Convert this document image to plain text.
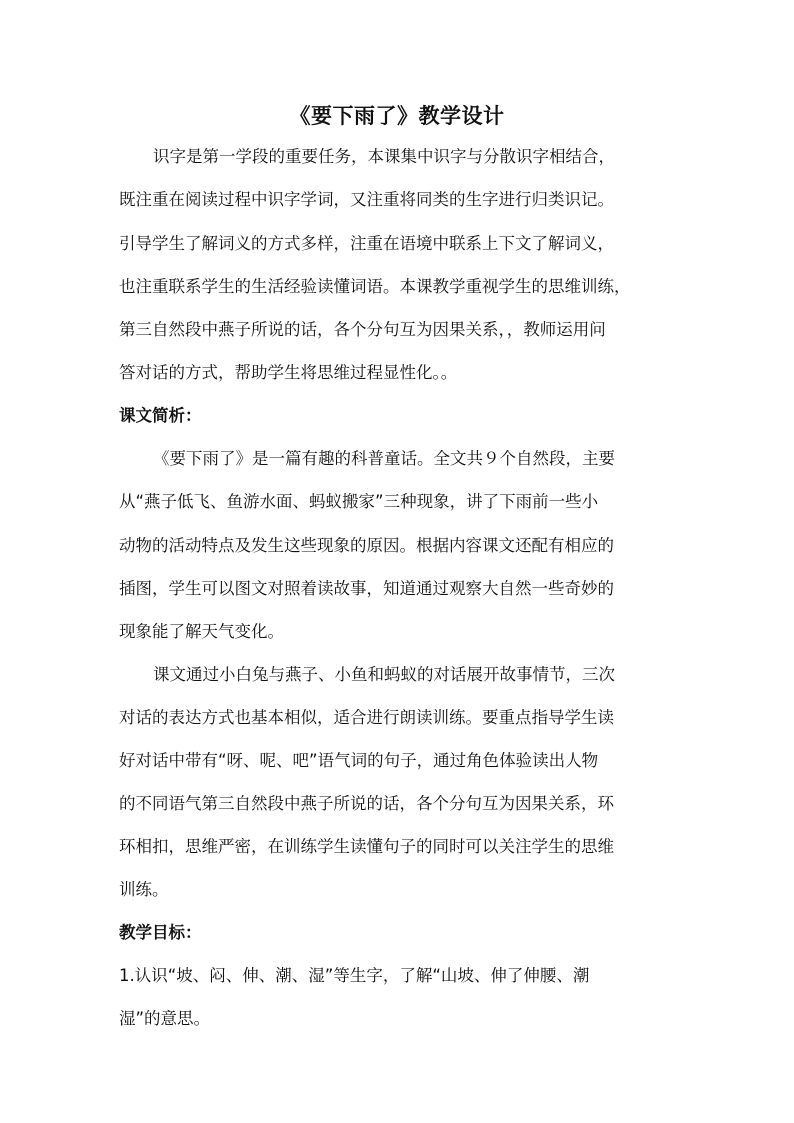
《要下雨了》教学设计
识字是第一学段的重要任务，本课集中识字与分散识字相结合，
既注重在阅读过程中识字学词，又注重将同类的生字进行归类识记。
引导学生了解词义的方式多样，注重在语境中联系上下文了解词义，
也注重联系学生的生活经验读懂词语。本课教学重视学生的思维训练，
第三自然段中燕子所说的话，各个分句互为因果关系，，教师运用问
答对话的方式，帮助学生将思维过程显性化。。
课文简析：
《要下雨了》是一篇有趣的科普童话。全文共９个自然段，主要
从“燕子低飞、鱼游水面、蚂蚁搬家”三种现象，讲了下雨前一些小
动物的活动特点及发生这些现象的原因。根据内容课文还配有相应的
插图，学生可以图文对照着读故事，知道通过观察大自然一些奇妙的
现象能了解天气变化。
课文通过小白兔与燕子、小鱼和蚂蚁的对话展开故事情节，三次
对话的表达方式也基本相似，适合进行朗读训练。要重点指导学生读
好对话中带有“呀、呢、吧”语气词的句子，通过角色体验读出人物
的不同语气第三自然段中燕子所说的话，各个分句互为因果关系，环
环相扣，思维严密，在训练学生读懂句子的同时可以关注学生的思维
训练。
教学目标：
1.认识“坡、闷、伸、潮、湿”等生字，了解“山坡、伸了伸腰、潮
湿”的意思。
